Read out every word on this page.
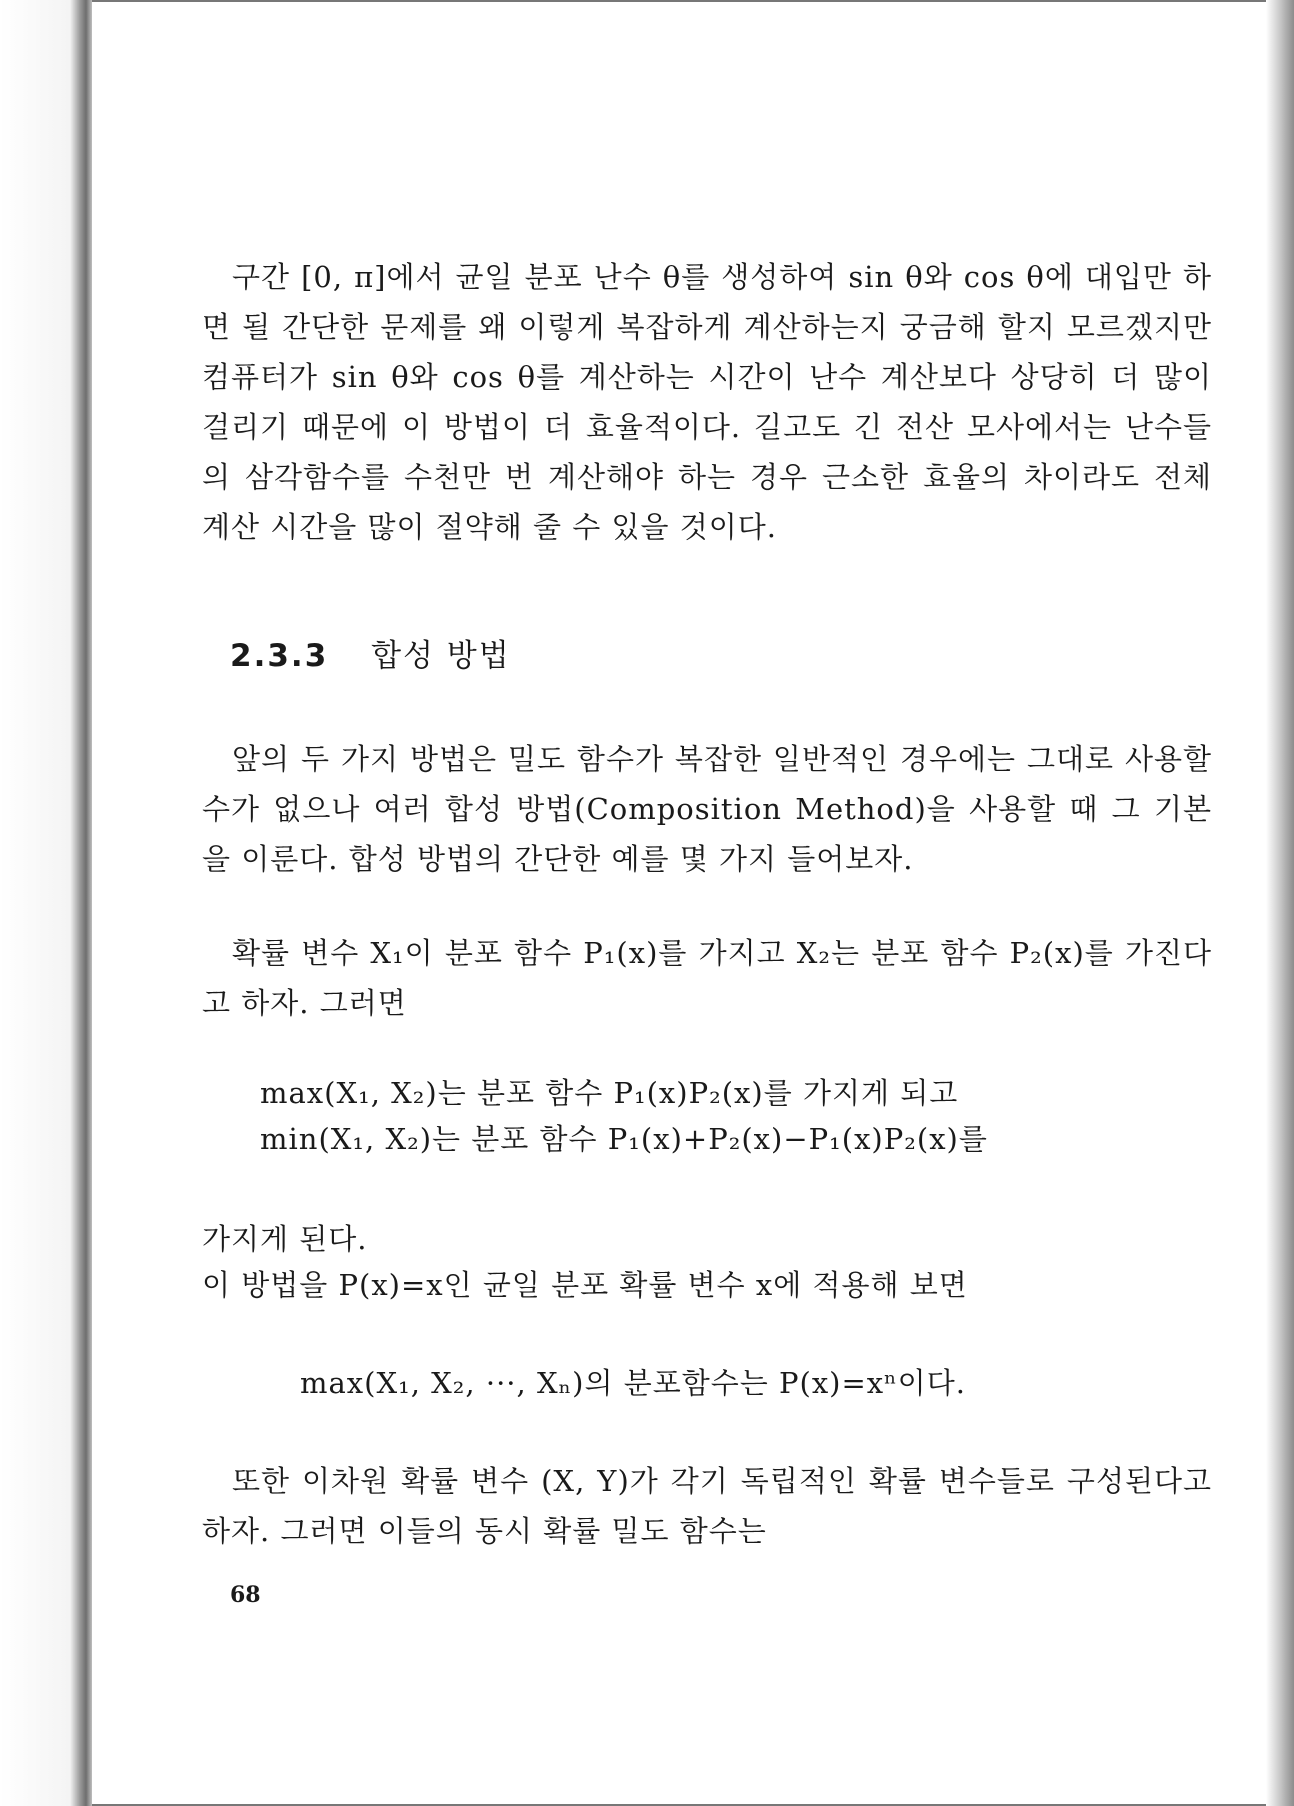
구간 [0, π]에서 균일 분포 난수 θ를 생성하여 sin θ와 cos θ에 대입만 하면 될 간단한 문제를 왜 이렇게 복잡하게 계산하는지 궁금해 할지 모르겠지만 컴퓨터가 sin θ와 cos θ를 계산하는 시간이 난수 계산보다 상당히 더 많이 걸리기 때문에 이 방법이 더 효율적이다. 길고도 긴 전산 모사에서는 난수들의 삼각함수를 수천만 번 계산해야 하는 경우 근소한 효율의 차이라도 전체 계산 시간을 많이 절약해 줄 수 있을 것이다.

2.3.3 합성 방법

앞의 두 가지 방법은 밀도 함수가 복잡한 일반적인 경우에는 그대로 사용할 수가 없으나 여러 합성 방법(Composition Method)을 사용할 때 그 기본을 이룬다. 합성 방법의 간단한 예를 몇 가지 들어보자.

확률 변수 X₁이 분포 함수 P₁(x)를 가지고 X₂는 분포 함수 P₂(x)를 가진다고 하자. 그러면

max(X₁, X₂)는 분포 함수 P₁(x)P₂(x)를 가지게 되고
min(X₁, X₂)는 분포 함수 P₁(x)+P₂(x)−P₁(x)P₂(x)를

가지게 된다.

이 방법을 P(x)=x인 균일 분포 확률 변수 x에 적용해 보면

max(X₁, X₂, ···, Xₙ)의 분포함수는 P(x)=xⁿ이다.

또한 이차원 확률 변수 (X, Y)가 각기 독립적인 확률 변수들로 구성된다고 하자. 그러면 이들의 동시 확률 밀도 함수는

68
